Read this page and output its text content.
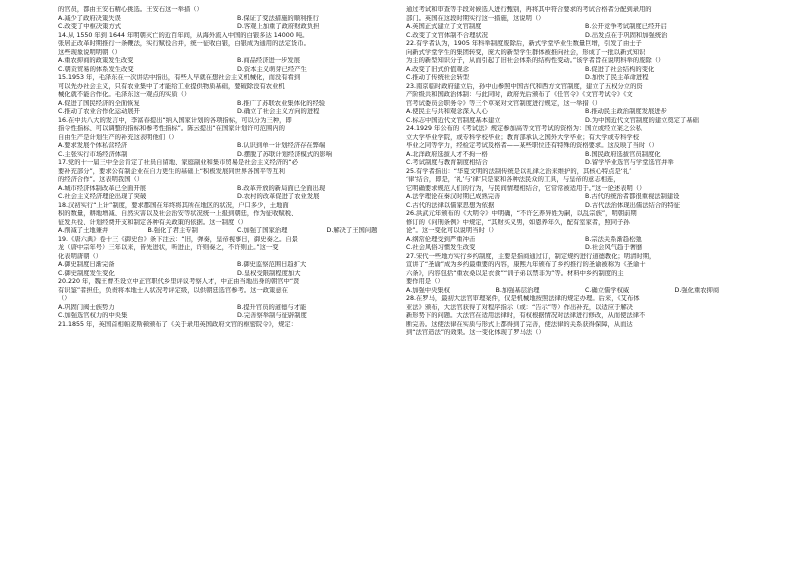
的官员，都由王安石精心挑选。王安石这一举措（）
A.减少了政府决策失误	B.保证了变法措施的顺利推行
C.改变了中枢决策方式	D.客观上加重了政府财政负担
14.从 1550 年到 1644 年明朝灭亡的近百年间，从海外流入中国的白银多达 14000 吨。
张居正改革时期推行一条鞭法，实行赋役合并，统一征收白银，白银成为通用的法定货币。
这些现象说明明朝（）
A.重农抑商的政策发生改变	B.商品经济进一步发展
C.朝贡贸易的体系发生改变	D.资本主义萌芽已经产生
15.1953 年，毛泽东在一次讲话中指出，有些人早就在想社会主义机械化，而没有看到
可以先办社会主义，只有农业集中了才能给工业提供物质基础，要破除没有农业机
械化就不能合作化。毛泽东这一观点的实质（）
A.促进了国民经济的全面恢复	B.推广了苏联农业集体化的经验
C.推动了农业合作化运动展开	D.确立了社会主义方向的进程
16.在中共八大的发言中，李富春提出“纳入国家计划的各项指标，可以分为三种，即
指令性指标、可以调整的指标和参考性指标”。陈云提出“在国家计划许可范围内的
自由生产是计划生产的补充这表明他们（）
A.要求发展个体私营经济	B.认识到单一计划经济存在弊端
C.主张实行市场经济体制	D.摆脱了苏联计划经济模式的影响
17.党的十一届三中全会肯定了社员自留地、家庭副业和集市贸易是社会主义经济的“必
要补充部分”，要求公有制企业在自力更生的基础上“积极发展同世界各国平等互利
的经济合作”。这表明我国（）
A.城市经济体制改革已全面开展	B.改革开放的新局面已全面出现
C.社会主义经济理论出现了突破	D.农村的改革促进了农业发展
18.汉初实行“上计”制度，要求郡国在年终将其所在地区的状况，户口多少，土地面
积的数量，耕地增减、自然灾害以及社会治安等状况统一上报到朝廷，作为征收赋税、
征发兵役、计划经费开支和制定各种有关政策的依据。这一制度（）
A.削减了土地兼并	B.强化了君主专制	C.加强了国家治理	D.解决了王国问题
19.《唐六典》卷十三《御史台》条下注云：“旧，弹奏，皇帝视事日，御史奏之。自景
龙（唐中宗年号）三年以来，皆先进状，听进止，许则奏之，不许则止。”这一变
化表明唐朝（）
A.御史制度日渐完备	B.御史监察范围日趋扩大
C.御史制度发生变化	D.皇权受限制程度加大
20.220 年，魏王曹丕设立中正官职代乡里评议考察人才，中正由当地出身的朝官中“贤
有识鉴”者担任，负责将本地士人状况考评定级，以供朝廷选官参考。这一政策意在
（）
A.巩固门阀士族势力	B.提升官员的道德与才能
C.加强选官权力的中央集	D.完善察举制与征辟制度
21.1855 年，英国首相帕麦斯顿颁布了《关于录用英国政府文官的枢密院令》，规定：
通过考试和审查等手段对候选人进行甄别，再将其中符合要求的考试合格者分配到录用的
部门。英国在这段时期实行这一措施，这说明（）
A.英国正式建立了文官制度	B.公开竞争考试制度已经开启
C.改变了文官体制不合理状况	D.出发点在于巩固和加强统治
22.有学者认为，1905 年科举制度废除后，新式学堂毕业生数量巨增，引发了由士子
向新式学堂学生的集团转变，庞大的新型学生群体被推向社会，形成了一批以新式知识
为主的新型知识分子，从而引起了旧社会体系的结构性变动。”该学者旨在说明科举的废除（）
A.改变了旧式价值观念	B.促进了社会结构的变化
C.推动了传统社会转型	D.加快了民主革命进程
23.南京临时政府建立后，孙中山参照中国古代和西方文官制度，建立了五权分立的资
产阶级共和国政治体制：与此同时，政府先后颁布了《任官令》《文官考试令》《文
官考试委员会职务令》等三个草案对文官制度进行规定，这一举措（）
A.使民主与共和观念深入人心	B.推动民主政治制度发展进步
C.标志中国近代文官制度基本建立	D.为中国近代文官制度的建立奠定了基础
24.1929 年公布的《考试法》规定参加高等文官考试的资格为：国立或经立案之公私
立大学毕业学院，或专科学校毕业；教育部承认之国外大学毕业；有大学或专科学校
毕业之同等学力，经检定考试及格者——某些职位还有特殊的资格要求。这反映了当时（）
A.北洋政府选拔人才不拘一格	B.国民政府选拔官员制度化
C.考试制度与教育制度相结合	D.留学毕业选官与学堂选官并举
25.有学者指出：“华夏文明的法制传统是以礼律之治来维护的，其核心特点是‘礼’
‘律’结合，即是，‘礼’与‘律’只是家和各种法民众的工具，与皇帝的意志相连，
它明确要求规范人们的行为，与民间情理相结合，它常常被适用于。”这一论述表明（）
A.法学理论在秦汉时期已成熟完善	B.古代的统治者都很重视法制建设
C.古代的法律以儒家思想为依据	D.古代法治体现出儒法结合的特征
26.洪武元年颁布的《大明令》中明确，“不许乞养异姓为嗣，以乱宗族”，明朝前期
修订的《问刑条例》中规定，“其财买义男，如恩养年久，配有室家者，照同子孙
论”。这一变化可以说明当时（）
A.纲常伦理受到严重冲击	B.宗法关系渐趋松弛
C.社会风俗习惯发生改变	D.社会风气趋于奢靡
27.宋代一些地方实行乡约制度，主要是指商通过订，制定规约进行道德教化；明清时期，
宣讲了“圣谕”成为乡约最重要的内容，康熙九年颁布了乡约推行的圣谕被称为《圣谕十
六条》，内容包括“重农桑以足衣食”“训子弟以禁非为”等。材料中乡约制度的主
要作用是（）
A.加强中央集权	B.加强基层治理	C.确立儒学权威	D.强化重农抑商
28.在罗马，最初大法官审理案件，仅是机械地按照法律的规定办理。后来，《艾布体
亚法》颁布，大法官获得了对程序指示（或：“告示”等）作出补充，以适应于解决
新形势下的问题。大法官在适用法律时，有权根据情况对法律进行修改，从而使法律不
断完善。这使法律在实质与形式上都得到了完善，使法律的关系获得保障，从而达
到“法官造法”的效果。这一变化体现了罗马法（）
